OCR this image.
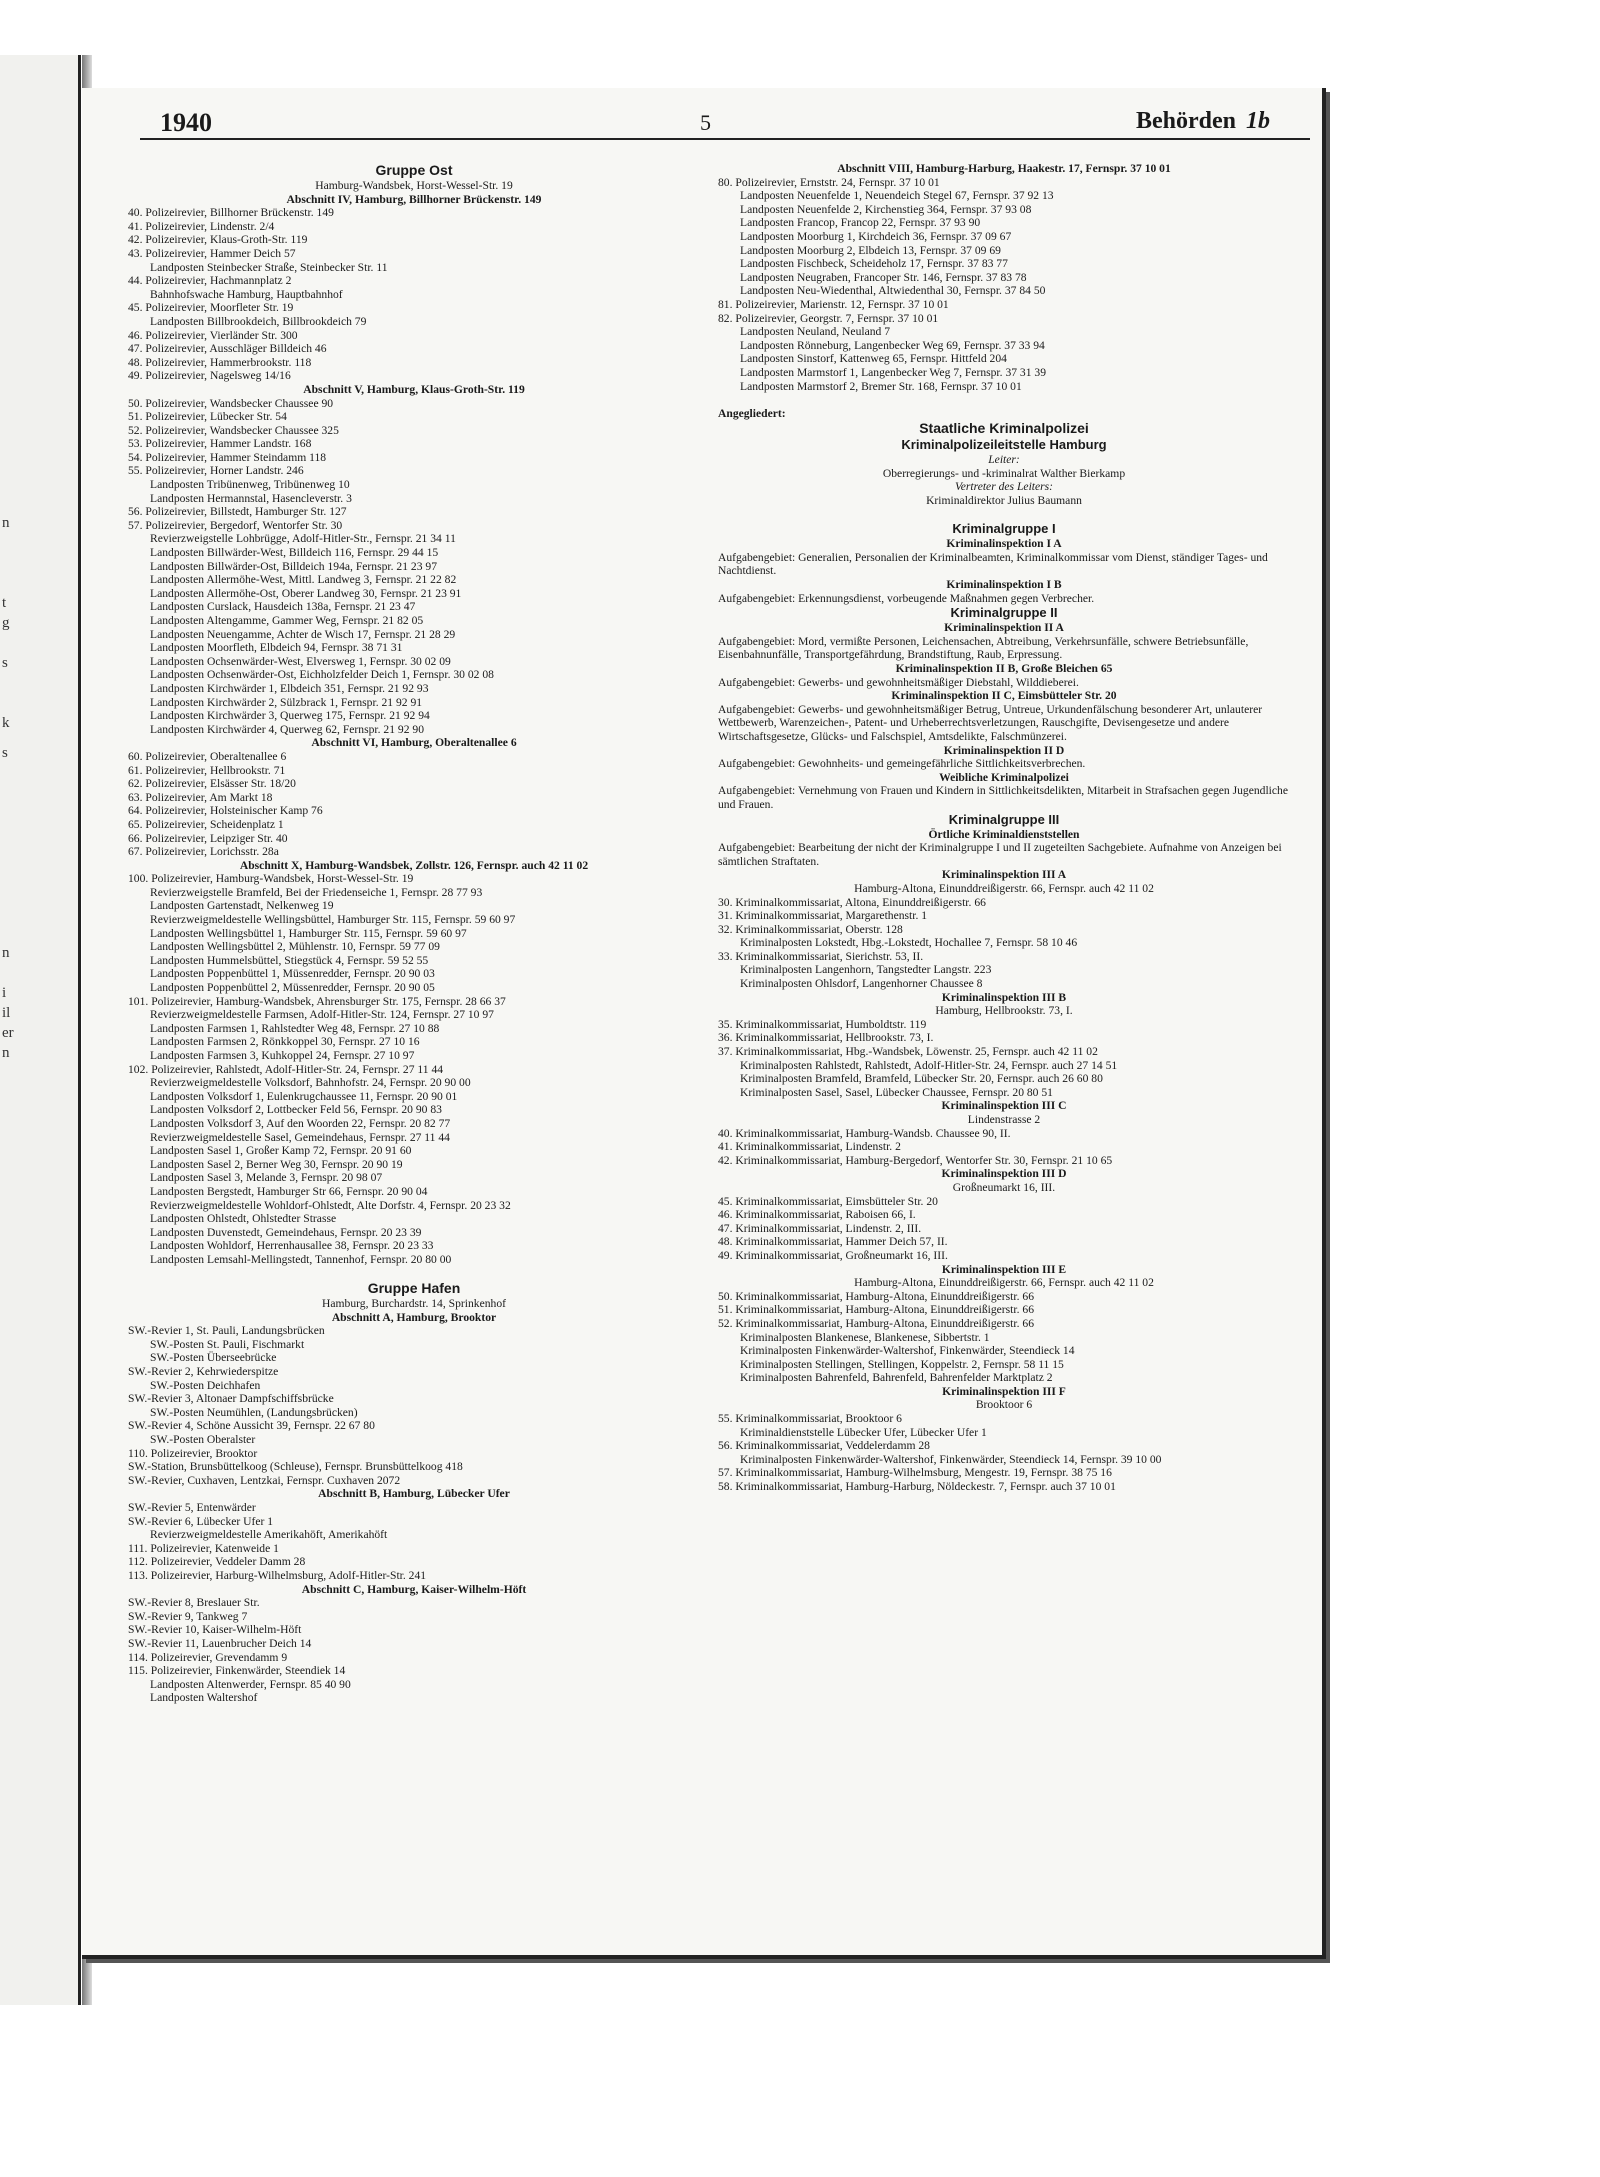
n
t
g
s
k
s
n
i
il
er
n
1940	5	Behörden 1b
Gruppe Ost
Hamburg-Wandsbek, Horst-Wessel-Str. 19
Abschnitt IV, Hamburg, Billhorner Brückenstr. 149
40. Polizeirevier, Billhorner Brückenstr. 149
41. Polizeirevier, Lindenstr. 2/4
42. Polizeirevier, Klaus-Groth-Str. 119
43. Polizeirevier, Hammer Deich 57
Landposten Steinbecker Straße, Steinbecker Str. 11
44. Polizeirevier, Hachmannplatz 2
Bahnhofswache Hamburg, Hauptbahnhof
45. Polizeirevier, Moorfleter Str. 19
Landposten Billbrookdeich, Billbrookdeich 79
46. Polizeirevier, Vierländer Str. 300
47. Polizeirevier, Ausschläger Billdeich 46
48. Polizeirevier, Hammerbrookstr. 118
49. Polizeirevier, Nagelsweg 14/16
Abschnitt V, Hamburg, Klaus-Groth-Str. 119
50. Polizeirevier, Wandsbecker Chaussee 90
51. Polizeirevier, Lübecker Str. 54
52. Polizeirevier, Wandsbecker Chaussee 325
53. Polizeirevier, Hammer Landstr. 168
54. Polizeirevier, Hammer Steindamm 118
55. Polizeirevier, Horner Landstr. 246
Landposten Tribünenweg, Tribünenweg 10
Landposten Hermannstal, Hasencleverstr. 3
56. Polizeirevier, Billstedt, Hamburger Str. 127
57. Polizeirevier, Bergedorf, Wentorfer Str. 30
Revierzweigstelle Lohbrügge, Adolf-Hitler-Str., Fernspr. 21 34 11
Landposten Billwärder-West, Billdeich 116, Fernspr. 29 44 15
Landposten Billwärder-Ost, Billdeich 194a, Fernspr. 21 23 97
Landposten Allermöhe-West, Mittl. Landweg 3, Fernspr. 21 22 82
Landposten Allermöhe-Ost, Oberer Landweg 30, Fernspr. 21 23 91
Landposten Curslack, Hausdeich 138a, Fernspr. 21 23 47
Landposten Altengamme, Gammer Weg, Fernspr. 21 82 05
Landposten Neuengamme, Achter de Wisch 17, Fernspr. 21 28 29
Landposten Moorfleth, Elbdeich 94, Fernspr. 38 71 31
Landposten Ochsenwärder-West, Elversweg 1, Fernspr. 30 02 09
Landposten Ochsenwärder-Ost, Eichholzfelder Deich 1, Fernspr. 30 02 08
Landposten Kirchwärder 1, Elbdeich 351, Fernspr. 21 92 93
Landposten Kirchwärder 2, Sülzbrack 1, Fernspr. 21 92 91
Landposten Kirchwärder 3, Querweg 175, Fernspr. 21 92 94
Landposten Kirchwärder 4, Querweg 62, Fernspr. 21 92 90
Abschnitt VI, Hamburg, Oberaltenallee 6
60. Polizeirevier, Oberaltenallee 6
61. Polizeirevier, Hellbrookstr. 71
62. Polizeirevier, Elsässer Str. 18/20
63. Polizeirevier, Am Markt 18
64. Polizeirevier, Holsteinischer Kamp 76
65. Polizeirevier, Scheidenplatz 1
66. Polizeirevier, Leipziger Str. 40
67. Polizeirevier, Lorichsstr. 28a
Abschnitt X, Hamburg-Wandsbek, Zollstr. 126, Fernspr. auch 42 11 02
100. Polizeirevier, Hamburg-Wandsbek, Horst-Wessel-Str. 19
Revierzweigstelle Bramfeld, Bei der Friedenseiche 1, Fernspr. 28 77 93
Landposten Gartenstadt, Nelkenweg 19
Revierzweigmeldestelle Wellingsbüttel, Hamburger Str. 115, Fernspr. 59 60 97
Landposten Wellingsbüttel 1, Hamburger Str. 115, Fernspr. 59 60 97
Landposten Wellingsbüttel 2, Mühlenstr. 10, Fernspr. 59 77 09
Landposten Hummelsbüttel, Stiegstück 4, Fernspr. 59 52 55
Landposten Poppenbüttel 1, Müssenredder, Fernspr. 20 90 03
Landposten Poppenbüttel 2, Müssenredder, Fernspr. 20 90 05
101. Polizeirevier, Hamburg-Wandsbek, Ahrensburger Str. 175, Fernspr. 28 66 37
Revierzweigmeldestelle Farmsen, Adolf-Hitler-Str. 124, Fernspr. 27 10 97
Landposten Farmsen 1, Rahlstedter Weg 48, Fernspr. 27 10 88
Landposten Farmsen 2, Rönkkoppel 30, Fernspr. 27 10 16
Landposten Farmsen 3, Kuhkoppel 24, Fernspr. 27 10 97
102. Polizeirevier, Rahlstedt, Adolf-Hitler-Str. 24, Fernspr. 27 11 44
Revierzweigmeldestelle Volksdorf, Bahnhofstr. 24, Fernspr. 20 90 00
Landposten Volksdorf 1, Eulenkrugchaussee 11, Fernspr. 20 90 01
Landposten Volksdorf 2, Lottbecker Feld 56, Fernspr. 20 90 83
Landposten Volksdorf 3, Auf den Woorden 22, Fernspr. 20 82 77
Revierzweigmeldestelle Sasel, Gemeindehaus, Fernspr. 27 11 44
Landposten Sasel 1, Großer Kamp 72, Fernspr. 20 91 60
Landposten Sasel 2, Berner Weg 30, Fernspr. 20 90 19
Landposten Sasel 3, Melande 3, Fernspr. 20 98 07
Landposten Bergstedt, Hamburger Str 66, Fernspr. 20 90 04
Revierzweigmeldestelle Wohldorf-Ohlstedt, Alte Dorfstr. 4, Fernspr. 20 23 32
Landposten Ohlstedt, Ohlstedter Strasse
Landposten Duvenstedt, Gemeindehaus, Fernspr. 20 23 39
Landposten Wohldorf, Herrenhausallee 38, Fernspr. 20 23 33
Landposten Lemsahl-Mellingstedt, Tannenhof, Fernspr. 20 80 00

Gruppe Hafen
Hamburg, Burchardstr. 14, Sprinkenhof
Abschnitt A, Hamburg, Brooktor
SW.-Revier 1, St. Pauli, Landungsbrücken
SW.-Posten St. Pauli, Fischmarkt
SW.-Posten Überseebrücke
SW.-Revier 2, Kehrwiederspitze
SW.-Posten Deichhafen
SW.-Revier 3, Altonaer Dampfschiffsbrücke
SW.-Posten Neumühlen, (Landungsbrücken)
SW.-Revier 4, Schöne Aussicht 39, Fernspr. 22 67 80
SW.-Posten Oberalster
110. Polizeirevier, Brooktor
SW.-Station, Brunsbüttelkoog (Schleuse), Fernspr. Brunsbüttelkoog 418
SW.-Revier, Cuxhaven, Lentzkai, Fernspr. Cuxhaven 2072
Abschnitt B, Hamburg, Lübecker Ufer
SW.-Revier 5, Entenwärder
SW.-Revier 6, Lübecker Ufer 1
Revierzweigmeldestelle Amerikahöft, Amerikahöft
111. Polizeirevier, Katenweide 1
112. Polizeirevier, Veddeler Damm 28
113. Polizeirevier, Harburg-Wilhelmsburg, Adolf-Hitler-Str. 241
Abschnitt C, Hamburg, Kaiser-Wilhelm-Höft
SW.-Revier 8, Breslauer Str.
SW.-Revier 9, Tankweg 7
SW.-Revier 10, Kaiser-Wilhelm-Höft
SW.-Revier 11, Lauenbrucher Deich 14
114. Polizeirevier, Grevendamm 9
115. Polizeirevier, Finkenwärder, Steendiek 14
Landposten Altenwerder, Fernspr. 85 40 90
Landposten Waltershof
Abschnitt VIII, Hamburg-Harburg, Haakestr. 17, Fernspr. 37 10 01
80. Polizeirevier, Ernststr. 24, Fernspr. 37 10 01
Landposten Neuenfelde 1, Neuendeich Stegel 67, Fernspr. 37 92 13
Landposten Neuenfelde 2, Kirchenstieg 364, Fernspr. 37 93 08
Landposten Francop, Francop 22, Fernspr. 37 93 90
Landposten Moorburg 1, Kirchdeich 36, Fernspr. 37 09 67
Landposten Moorburg 2, Elbdeich 13, Fernspr. 37 09 69
Landposten Fischbeck, Scheideholz 17, Fernspr. 37 83 77
Landposten Neugraben, Francoper Str. 146, Fernspr. 37 83 78
Landposten Neu-Wiedenthal, Altwiedenthal 30, Fernspr. 37 84 50
81. Polizeirevier, Marienstr. 12, Fernspr. 37 10 01
82. Polizeirevier, Georgstr. 7, Fernspr. 37 10 01
Landposten Neuland, Neuland 7
Landposten Rönneburg, Langenbecker Weg 69, Fernspr. 37 33 94
Landposten Sinstorf, Kattenweg 65, Fernspr. Hittfeld 204
Landposten Marmstorf 1, Langenbecker Weg 7, Fernspr. 37 31 39
Landposten Marmstorf 2, Bremer Str. 168, Fernspr. 37 10 01

Angegliedert:
Staatliche Kriminalpolizei
Kriminalpolizeileitstelle Hamburg
Leiter:
Oberregierungs- und -kriminalrat Walther Bierkamp
Vertreter des Leiters:
Kriminaldirektor Julius Baumann

Kriminalgruppe I
Kriminalinspektion I A
Aufgabengebiet: Generalien, Personalien der Kriminalbeamten, Kriminalkommissar vom Dienst, ständiger Tages- und Nachtdienst.
Kriminalinspektion I B
Aufgabengebiet: Erkennungsdienst, vorbeugende Maßnahmen gegen Verbrecher.
Kriminalgruppe II
Kriminalinspektion II A
Aufgabengebiet: Mord, vermißte Personen, Leichensachen, Abtreibung, Verkehrsunfälle, schwere Betriebsunfälle, Eisenbahnunfälle, Transportgefährdung, Brandstiftung, Raub, Erpressung.
Kriminalinspektion II B, Große Bleichen 65
Aufgabengebiet: Gewerbs- und gewohnheitsmäßiger Diebstahl, Wilddieberei.
Kriminalinspektion II C, Eimsbütteler Str. 20
Aufgabengebiet: Gewerbs- und gewohnheitsmäßiger Betrug, Untreue, Urkundenfälschung besonderer Art, unlauterer Wettbewerb, Warenzeichen-, Patent- und Urheberrechtsverletzungen, Rauschgifte, Devisengesetze und andere Wirtschaftsgesetze, Glücks- und Falschspiel, Amtsdelikte, Falschmünzerei.
Kriminalinspektion II D
Aufgabengebiet: Gewohnheits- und gemeingefährliche Sittlichkeitsverbrechen.
Weibliche Kriminalpolizei
Aufgabengebiet: Vernehmung von Frauen und Kindern in Sittlichkeitsdelikten, Mitarbeit in Strafsachen gegen Jugendliche und Frauen.
Kriminalgruppe III
Örtliche Kriminaldienststellen
Aufgabengebiet: Bearbeitung der nicht der Kriminalgruppe I und II zugeteilten Sachgebiete. Aufnahme von Anzeigen bei sämtlichen Straftaten.
Kriminalinspektion III A
Hamburg-Altona, Einunddreißigerstr. 66, Fernspr. auch 42 11 02
30. Kriminalkommissariat, Altona, Einunddreißigerstr. 66
31. Kriminalkommissariat, Margarethenstr. 1
32. Kriminalkommissariat, Oberstr. 128
Kriminalposten Lokstedt, Hbg.-Lokstedt, Hochallee 7, Fernspr. 58 10 46
33. Kriminalkommissariat, Sierichstr. 53, II.
Kriminalposten Langenhorn, Tangstedter Langstr. 223
Kriminalposten Ohlsdorf, Langenhorner Chaussee 8
Kriminalinspektion III B
Hamburg, Hellbrookstr. 73, I.
35. Kriminalkommissariat, Humboldtstr. 119
36. Kriminalkommissariat, Hellbrookstr. 73, I.
37. Kriminalkommissariat, Hbg.-Wandsbek, Löwenstr. 25, Fernspr. auch 42 11 02
Kriminalposten Rahlstedt, Rahlstedt, Adolf-Hitler-Str. 24, Fernspr. auch 27 14 51
Kriminalposten Bramfeld, Bramfeld, Lübecker Str. 20, Fernspr. auch 26 60 80
Kriminalposten Sasel, Sasel, Lübecker Chaussee, Fernspr. 20 80 51
Kriminalinspektion III C
Lindenstrasse 2
40. Kriminalkommissariat, Hamburg-Wandsb. Chaussee 90, II.
41. Kriminalkommissariat, Lindenstr. 2
42. Kriminalkommissariat, Hamburg-Bergedorf, Wentorfer Str. 30, Fernspr. 21 10 65
Kriminalinspektion III D
Großneumarkt 16, III.
45. Kriminalkommissariat, Eimsbütteler Str. 20
46. Kriminalkommissariat, Raboisen 66, I.
47. Kriminalkommissariat, Lindenstr. 2, III.
48. Kriminalkommissariat, Hammer Deich 57, II.
49. Kriminalkommissariat, Großneumarkt 16, III.
Kriminalinspektion III E
Hamburg-Altona, Einunddreißigerstr. 66, Fernspr. auch 42 11 02
50. Kriminalkommissariat, Hamburg-Altona, Einunddreißigerstr. 66
51. Kriminalkommissariat, Hamburg-Altona, Einunddreißigerstr. 66
52. Kriminalkommissariat, Hamburg-Altona, Einunddreißigerstr. 66
Kriminalposten Blankenese, Blankenese, Sibbertstr. 1
Kriminalposten Finkenwärder-Waltershof, Finkenwärder, Steendieck 14
Kriminalposten Stellingen, Stellingen, Koppelstr. 2, Fernspr. 58 11 15
Kriminalposten Bahrenfeld, Bahrenfeld, Bahrenfelder Marktplatz 2
Kriminalinspektion III F
Brooktoor 6
55. Kriminalkommissariat, Brooktoor 6
Kriminaldienststelle Lübecker Ufer, Lübecker Ufer 1
56. Kriminalkommissariat, Veddelerdamm 28
Kriminalposten Finkenwärder-Waltershof, Finkenwärder, Steendieck 14, Fernspr. 39 10 00
57. Kriminalkommissariat, Hamburg-Wilhelmsburg, Mengestr. 19, Fernspr. 38 75 16
58. Kriminalkommissariat, Hamburg-Harburg, Nöldeckestr. 7, Fernspr. auch 37 10 01
